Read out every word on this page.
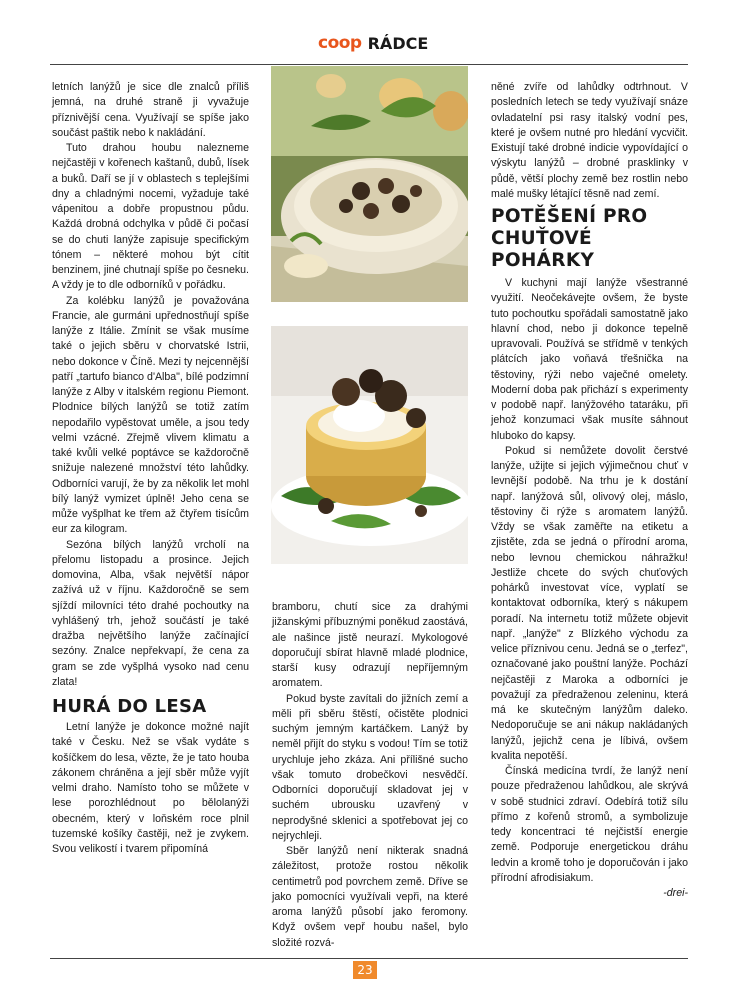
coop RÁDCE

letních lanýžů je sice dle znalců příliš jemná, na druhé straně ji vyvažuje příznivější cena. Využívají se spíše jako součást paštik nebo k nakládání.

Tuto drahou houbu nalezneme nejčastěji v kořenech kaštanů, dubů, lísek a buků. Daří se jí v oblastech s teplejšími dny a chladnými nocemi, vyžaduje také vápenitou a dobře propustnou půdu. Každá drobná odchylka v půdě či počasí se do chuti lanýže zapisuje specifickým tónem – některé mohou být cítit benzinem, jiné chutnají spíše po česneku. A vždy je to dle odborníků v pořádku.

Za kolébku lanýžů je považována Francie, ale gurmáni upřednostňují spíše lanýže z Itálie. Zmínit se však musíme také o jejich sběru v chorvatské Istrii, nebo dokonce v Číně. Mezi ty nejcennější patří „tartufo bianco d'Alba", bílé podzimní lanýže z Alby v italském regionu Piemont. Plodnice bílých lanýžů se totiž zatím nepodařilo vypěstovat uměle, a jsou tedy velmi vzácné. Zřejmě vlivem klimatu a také kvůli velké poptávce se každoročně snižuje nalezené množství této lahůdky. Odborníci varují, že by za několik let mohl bílý lanýž vymizet úplně! Jeho cena se může vyšplhat ke třem až čtyřem tisícům eur za kilogram.

Sezóna bílých lanýžů vrcholí na přelomu listopadu a prosince. Jejich domovina, Alba, však největší nápor zažívá už v říjnu. Každoročně se sem sjíždí milovníci této drahé pochoutky na vyhlášený trh, jehož součástí je také dražba největšího lanýže začínající sezóny. Znalce nepřekvapí, že cena za gram se zde vyšplhá vysoko nad cenu zlata!

HURÁ DO LESA

Letní lanýže je dokonce možné najít také v Česku. Než se však vydáte s košíčkem do lesa, vězte, že je tato houba zákonem chráněna a její sběr může vyjít velmi draho. Namísto toho se můžete v lese porozhlédnout po bělolanýži obecném, který v loňském roce plnil tuzemské košíky častěji, než je zvykem. Svou velikostí i tvarem připomíná

bramboru, chutí sice za drahými jižanskými příbuznými poněkud zaostává, ale našince jistě neurazí. Mykologové doporučují sbírat hlavně mladé plodnice, starší kusy odrazují nepříjemným aromatem.

Pokud byste zavítali do jižních zemí a měli při sběru štěstí, očistěte plodnici suchým jemným kartáčkem. Lanýž by neměl přijít do styku s vodou! Tím se totiž urychluje jeho zkáza. Ani přílišné sucho však tomuto drobečkovi nesvědčí. Odborníci doporučují skladovat jej v suchém ubrousku uzavřený v neprodyšné sklenici a spotřebovat jej co nejrychleji.

Sběr lanýžů není nikterak snadná záležitost, protože rostou několik centimetrů pod povrchem země. Dříve se jako pomocníci využívali vepři, na které aroma lanýžů působí jako feromony. Když ovšem vepř houbu našel, bylo složité rozvá-

něné zvíře od lahůdky odtrhnout. V posledních letech se tedy využívají snáze ovladatelní psi rasy italský vodní pes, které je ovšem nutné pro hledání vycvičit. Existují také drobné indicie vypovídající o výskytu lanýžů – drobné prasklinky v půdě, větší plochy země bez rostlin nebo malé mušky létající těsně nad zemí.

POTĚŠENÍ PRO CHUŤOVÉ POHÁRKY

V kuchyni mají lanýže všestranné využití. Neočekávejte ovšem, že byste tuto pochoutku spořádali samostatně jako hlavní chod, nebo ji dokonce tepelně upravovali. Používá se střídmě v tenkých plátcích jako voňavá třešnička na těstoviny, rýži nebo vaječné omelety. Moderní doba pak přichází s experimenty v podobě např. lanýžového tataráku, při jehož konzumaci však musíte sáhnout hluboko do kapsy.

Pokud si nemůžete dovolit čerstvé lanýže, užijte si jejich výjimečnou chuť v levnější podobě. Na trhu je k dostání např. lanýžová sůl, olivový olej, máslo, těstoviny či rýže s aromatem lanýžů. Vždy se však zaměřte na etiketu a zjistěte, zda se jedná o přírodní aroma, nebo levnou chemickou náhražku! Jestliže chcete do svých chuťových pohárků investovat více, vyplatí se kontaktovat odborníka, který s nákupem poradí. Na internetu totiž můžete objevit např. „lanýže" z Blízkého východu za velice příznivou cenu. Jedná se o „terfez", označované jako pouštní lanýže. Pochází nejčastěji z Maroka a odborníci je považují za předraženou zeleninu, která má ke skutečným lanýžům daleko. Nedoporučuje se ani nákup nakládaných lanýžů, jejichž cena je líbivá, ovšem kvalita nepotěší.

Čínská medicína tvrdí, že lanýž není pouze předraženou lahůdkou, ale skrývá v sobě studnici zdraví. Odebírá totiž sílu přímo z kořenů stromů, a symbolizuje tedy koncentraci té nejčistší energie země. Podporuje energetickou dráhu ledvin a kromě toho je doporučován i jako přírodní afrodisiakum.

-drei-

23
